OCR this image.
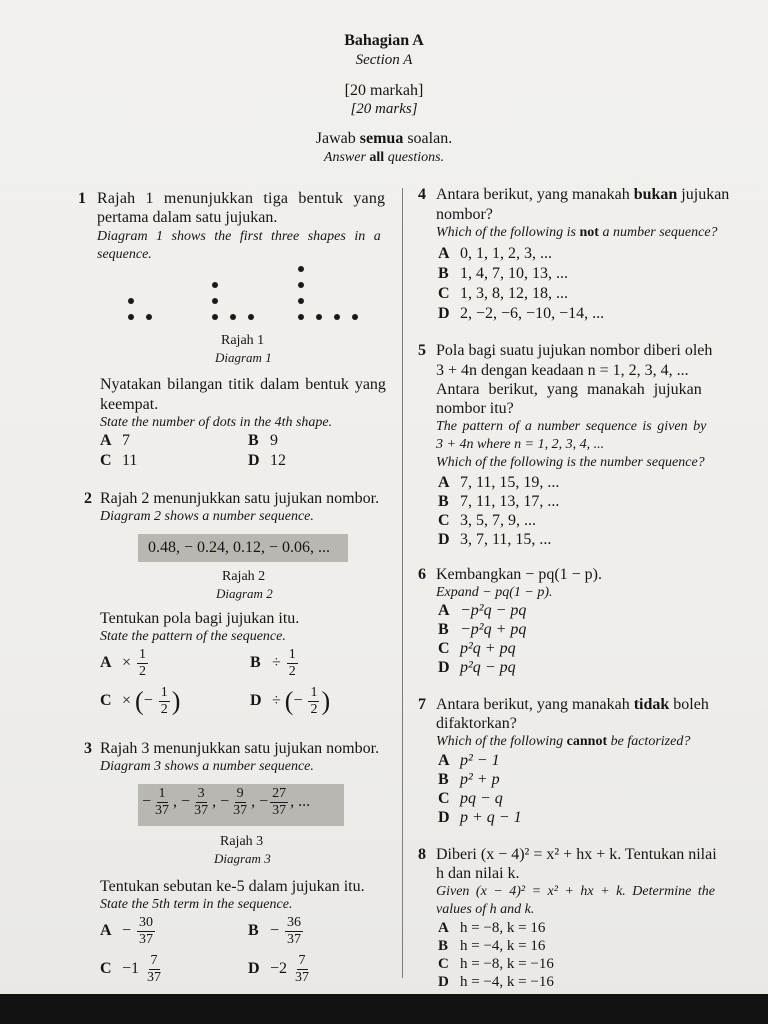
Bahagian A
Section A
[20 markah]
[20 marks]
Jawab semua soalan.
Answer all questions.
1 Rajah 1 menunjukkan tiga bentuk yang
pertama dalam satu jujukan.
Diagram 1 shows the first three shapes in a
sequence.
Rajah 1
Diagram 1
Nyatakan bilangan titik dalam bentuk yang
keempat.
State the number of dots in the 4th shape.
A 7	B 9
C 11	D 12
2 Rajah 2 menunjukkan satu jujukan nombor.
Diagram 2 shows a number sequence.
0.48, − 0.24, 0.12, − 0.06, ...
Rajah 2
Diagram 2
Tentukan pola bagi jujukan itu.
State the pattern of the sequence.
$A \times \frac{1}{2}$	$B \div \frac{1}{2}$
C × (− $\frac{1}{2}$ )	D ÷ (− $\frac{1}{2}$ )
3 Rajah 3 menunjukkan satu jujukan nombor.
Diagram 3 shows a number sequence.
− $\frac{1}{37}$ , − $\frac{3}{37}$ , − $\frac{9}{37}$ , − $\frac{27}{37}$ , ...
Rajah 3
Diagram 3
Tentukan sebutan ke-5 dalam jujukan itu.
State the 5th term in the sequence.
$A - \frac{30}{37}$	$B - \frac{36}{37}$
$C -1 \frac{7}{37}$	$D -2 \frac{7}{37}$
4 Antara berikut, yang manakah bukan jujukan
nombor?
Which of the following is not a number sequence?
A 0, 1, 1, 2, 3, ...
B 1, 4, 7, 10, 13, ...
C 1, 3, 8, 12, 18, ...
D 2, −2, −6, −10, −14, ...
5 Pola bagi suatu jujukan nombor diberi oleh
3 + 4n dengan keadaan n = 1, 2, 3, 4, ...
Antara berikut, yang manakah jujukan
nombor itu?
The pattern of a number sequence is given by
3 + 4n where n = 1, 2, 3, 4, ...
Which of the following is the number sequence?
A 7, 11, 15, 19, ...
B 7, 11, 13, 17, ...
C 3, 5, 7, 9, ...
D 3, 7, 11, 15, ...
6 Kembangkan − pq(1 − p).
Expand − pq(1 − p).
A −p²q − pq
B −p²q + pq
C p²q + pq
D p²q − pq
7 Antara berikut, yang manakah tidak boleh
difaktorkan?
Which of the following cannot be factorized?
A p² − 1
B p² + p
C pq − q
D p + q − 1
8 Diberi (x − 4)² = x² + hx + k. Tentukan nilai
h dan nilai k.
Given (x − 4)² = x² + hx + k. Determine the
values of h and k.
A h = −8, k = 16
B h = −4, k = 16
C h = −8, k = −16
D h = −4, k = −16
